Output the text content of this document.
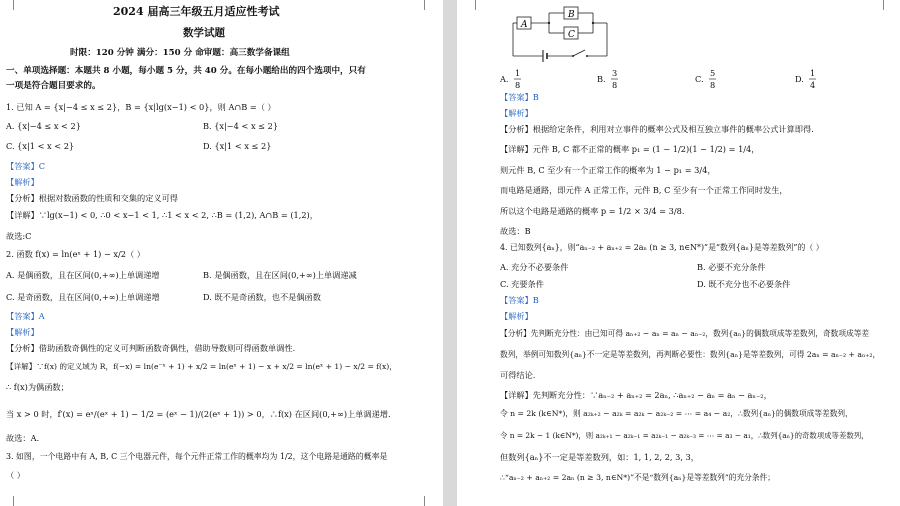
2024 届高三年级五月适应性考试
数学试题
时限：120 分钟 满分：150 分 命审题：高三数学备课组
一、单项选择题：本题共 8 小题，每小题 5 分，共 40 分。在每小题给出的四个选项中，只有
一项是符合题目要求的。
1. 已知 A = {x|−4 ≤ x ≤ 2}，B = {x|lg(x−1) < 0}，则 A∩B =（ ）
A. {x|−4 ≤ x < 2}	B. {x|−4 < x ≤ 2}
C. {x|1 < x < 2}	D. {x|1 < x ≤ 2}
【答案】C
【解析】
【分析】根据对数函数的性质和交集的定义可得
【详解】∵lg(x−1) < 0, ∴0 < x−1 < 1, ∴1 < x < 2, ∴B = (1,2), A∩B = (1,2)，
故选:C
2. 函数 f(x) = ln(eˣ + 1) − x/2（ ）
A. 是偶函数，且在区间(0,+∞)上单调递增	B. 是偶函数，且在区间(0,+∞)上单调递减
C. 是奇函数，且在区间(0,+∞)上单调递增	D. 既不是奇函数，也不是偶函数
【答案】A
【解析】
【分析】借助函数奇偶性的定义可判断函数奇偶性，借助导数则可得函数单调性.
【详解】∵f(x) 的定义域为 R，f(−x) = ln(e⁻ˣ + 1) + x/2 = ln(eˣ + 1) − x + x/2 = ln(eˣ + 1) − x/2 = f(x)，
∴ f(x)为偶函数；
当 x > 0 时，f′(x) = eˣ/(eˣ + 1) − 1/2 = (eˣ − 1)/(2(eˣ + 1)) > 0，∴f(x) 在区间(0,+∞)上单调递增.
故选：A.
3. 如图，一个电路中有 A, B, C 三个电器元件，每个元件正常工作的概率均为 1/2，这个电路是通路的概率是
（ ）
A
B
C
A.
1
8
B.
3
8
C.
5
8
D.
1
4
【答案】B
【解析】
【分析】根据给定条件，利用对立事件的概率公式及相互独立事件的概率公式计算即得.
【详解】元件 B, C 都不正常的概率 p₁ = (1 − 1/2)(1 − 1/2) = 1/4，
则元件 B, C 至少有一个正常工作的概率为 1 − p₁ = 3/4，
而电路是通路，即元件 A 正常工作，元件 B, C 至少有一个正常工作同时发生，
所以这个电路是通路的概率 p = 1/2 × 3/4 = 3/8.
故选：B
4. 已知数列{aₙ}，则“aₙ₋₂ + aₙ₊₂ = 2aₙ (n ≥ 3, n∈N*)”是“数列{aₙ}是等差数列”的（ ）
A. 充分不必要条件	B. 必要不充分条件
C. 充要条件	D. 既不充分也不必要条件
【答案】B
【解析】
【分析】先判断充分性：由已知可得 aₙ₊₂ − aₙ = aₙ − aₙ₋₂，数列{aₙ}的偶数项成等差数列，奇数项成等差
数列，举例可知数列{aₙ}不一定是等差数列，再判断必要性：数列{aₙ}是等差数列，可得 2aₙ = aₙ₋₂ + aₙ₊₂，
可得结论.
【详解】先判断充分性：∵aₙ₋₂ + aₙ₊₂ = 2aₙ, ∴aₙ₊₂ − aₙ = aₙ − aₙ₋₂，
令 n = 2k (k∈N*)，则 a₂ₖ₊₂ − a₂ₖ = a₂ₖ − a₂ₖ₋₂ = ⋯ = a₄ − a₂，∴数列{aₙ}的偶数项成等差数列，
令 n = 2k − 1 (k∈N*)，则 a₂ₖ₊₁ − a₂ₖ₋₁ = a₂ₖ₋₁ − a₂ₖ₋₃ = ⋯ = a₃ − a₁，∴数列{aₙ}的奇数项成等差数列，
但数列{aₙ}不一定是等差数列，如：1, 1, 2, 2, 3, 3，
∴“aₙ₋₂ + aₙ₊₂ = 2aₙ (n ≥ 3, n∈N*)”不是“数列{aₙ}是等差数列”的充分条件；
